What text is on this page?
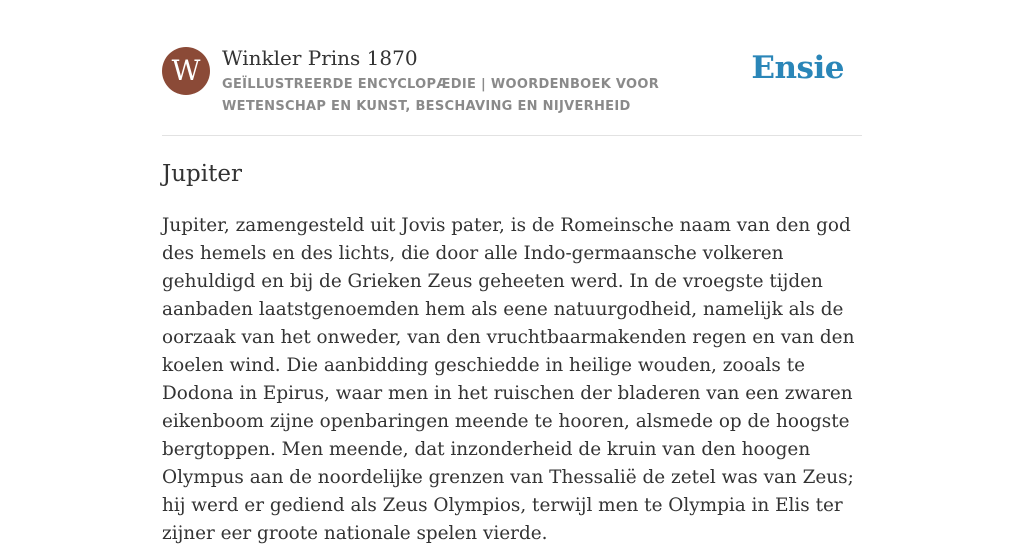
W	Winkler Prins 1870

GEÏLLUSTREERDE ENCYCLOPÆDIE | WOORDENBOEK VOOR WETENSCHAP EN KUNST, BESCHAVING EN NIJVERHEID
Ensie
Jupiter

Jupiter, zamengesteld uit Jovis pater, is de Romeinsche naam van den god des hemels en des lichts, die door alle Indo-germaansche volkeren gehuldigd en bij de Grieken Zeus geheeten werd. In de vroegste tijden aanbaden laatstgenoemden hem als eene natuurgodheid, namelijk als de oorzaak van het onweder, van den vruchtbaarmakenden regen en van den koelen wind. Die aanbidding geschiedde in heilige wouden, zooals te Dodona in Epirus, waar men in het ruischen der bladeren van een zwaren eikenboom zijne openbaringen meende te hooren, alsmede op de hoogste bergtoppen. Men meende, dat inzonderheid de kruin van den hoogen Olympus aan de noordelijke grenzen van Thessalië de zetel was van Zeus; hij werd er gediend als Zeus Olympios, terwijl men te Olympia in Elis ter zijner eer groote nationale spelen vierde.
